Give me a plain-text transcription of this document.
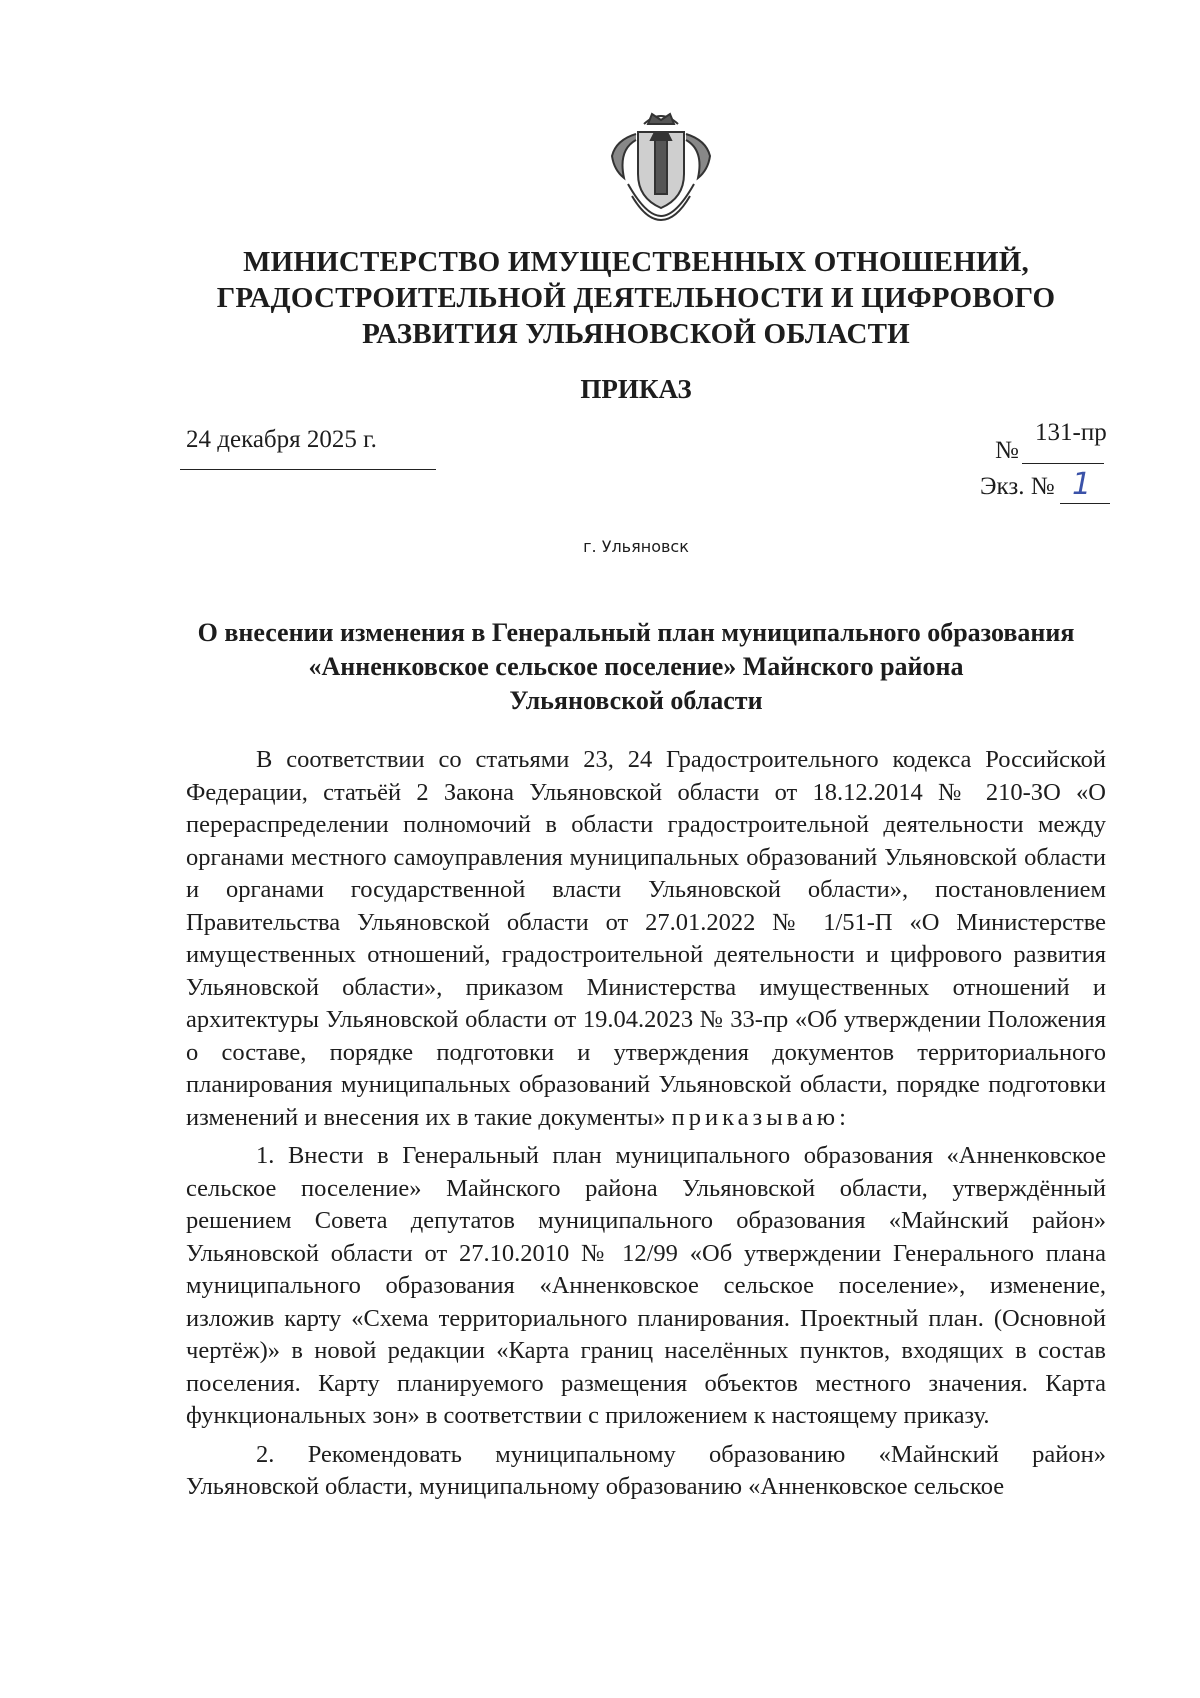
МИНИСТЕРСТВО ИМУЩЕСТВЕННЫХ ОТНОШЕНИЙ,
ГРАДОСТРОИТЕЛЬНОЙ ДЕЯТЕЛЬНОСТИ И ЦИФРОВОГО
РАЗВИТИЯ УЛЬЯНОВСКОЙ ОБЛАСТИ
ПРИКАЗ
24 декабря 2025 г.	№
131-пр
Экз. № 1
г. Ульяновск
О внесении изменения в Генеральный план муниципального образования
«Анненковское сельское поселение» Майнского района
Ульяновской области

В соответствии со статьями 23, 24 Градостроительного кодекса Российской Федерации, статьёй 2 Закона Ульяновской области от 18.12.2014 № 210-ЗО «О перераспределении полномочий в области градостроительной деятельности между органами местного самоуправления муниципальных образований Ульяновской области и органами государственной власти Ульяновской области», постановлением Правительства Ульяновской области от 27.01.2022 № 1/51-П «О Министерстве имущественных отношений, градостроительной деятельности и цифрового развития Ульяновской области», приказом Министерства имущественных отношений и архитектуры Ульяновской области от 19.04.2023 № 33-пр «Об утверждении Положения о составе, порядке подготовки и утверждения документов территориального планирования муниципальных образований Ульяновской области, порядке подготовки изменений и внесения их в такие документы» приказываю:

1. Внести в Генеральный план муниципального образования «Анненковское сельское поселение» Майнского района Ульяновской области, утверждённый решением Совета депутатов муниципального образования «Майнский район» Ульяновской области от 27.10.2010 № 12/99 «Об утверждении Генерального плана муниципального образования «Анненковское сельское поселение», изменение, изложив карту «Схема территориального планирования. Проектный план. (Основной чертёж)» в новой редакции «Карта границ населённых пунктов, входящих в состав поселения. Карту планируемого размещения объектов местного значения. Карта функциональных зон» в соответствии с приложением к настоящему приказу.

2. Рекомендовать муниципальному образованию «Майнский район» Ульяновской области, муниципальному образованию «Анненковское сельское
